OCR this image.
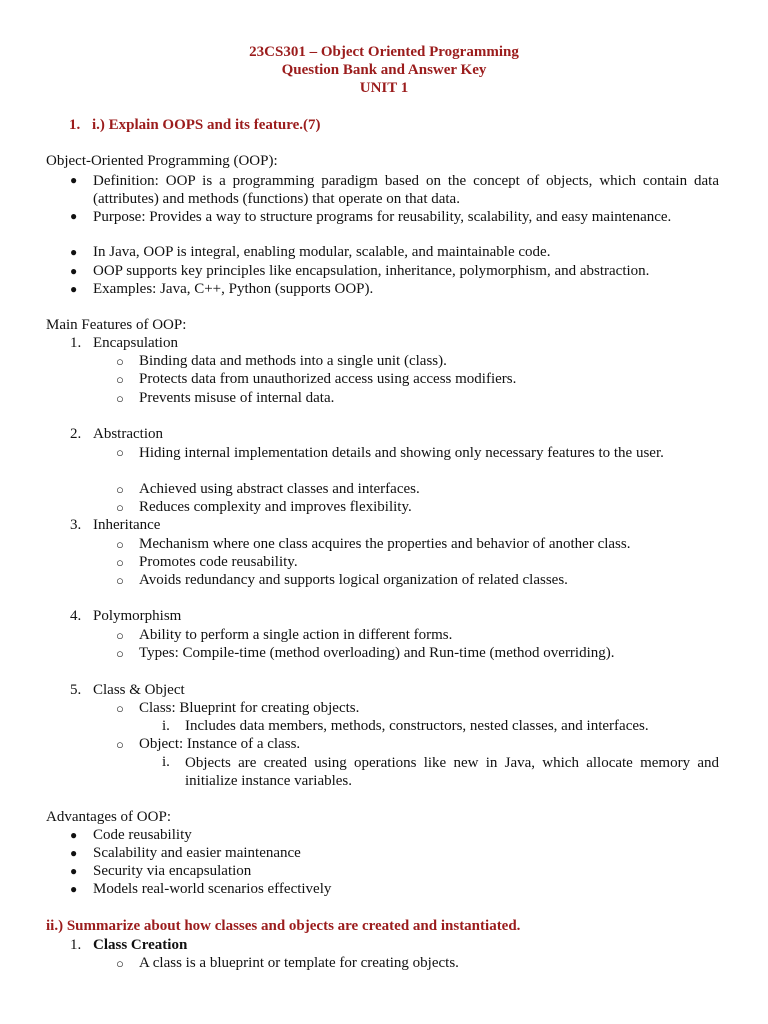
23CS301 – Object Oriented Programming
Question Bank and Answer Key
UNIT 1
1. i.) Explain OOPS and its feature.(7)
Object-Oriented Programming (OOP):
● Definition: OOP is a programming paradigm based on the concept of objects, which contain data (attributes) and methods (functions) that operate on that data.
● Purpose: Provides a way to structure programs for reusability, scalability, and easy maintenance.
● In Java, OOP is integral, enabling modular, scalable, and maintainable code.
● OOP supports key principles like encapsulation, inheritance, polymorphism, and abstraction.
● Examples: Java, C++, Python (supports OOP).
Main Features of OOP:
1. Encapsulation
○ Binding data and methods into a single unit (class).
○ Protects data from unauthorized access using access modifiers.
○ Prevents misuse of internal data.
2. Abstraction
○ Hiding internal implementation details and showing only necessary features to the user.
○ Achieved using abstract classes and interfaces.
○ Reduces complexity and improves flexibility.
3. Inheritance
○ Mechanism where one class acquires the properties and behavior of another class.
○ Promotes code reusability.
○ Avoids redundancy and supports logical organization of related classes.
4. Polymorphism
○ Ability to perform a single action in different forms.
○ Types: Compile-time (method overloading) and Run-time (method overriding).
5. Class & Object
○ Class: Blueprint for creating objects.
i. Includes data members, methods, constructors, nested classes, and interfaces.
○ Object: Instance of a class.
i. Objects are created using operations like new in Java, which allocate memory and initialize instance variables.
Advantages of OOP:
● Code reusability
● Scalability and easier maintenance
● Security via encapsulation
● Models real-world scenarios effectively
ii.) Summarize about how classes and objects are created and instantiated.
1. Class Creation
○ A class is a blueprint or template for creating objects.
